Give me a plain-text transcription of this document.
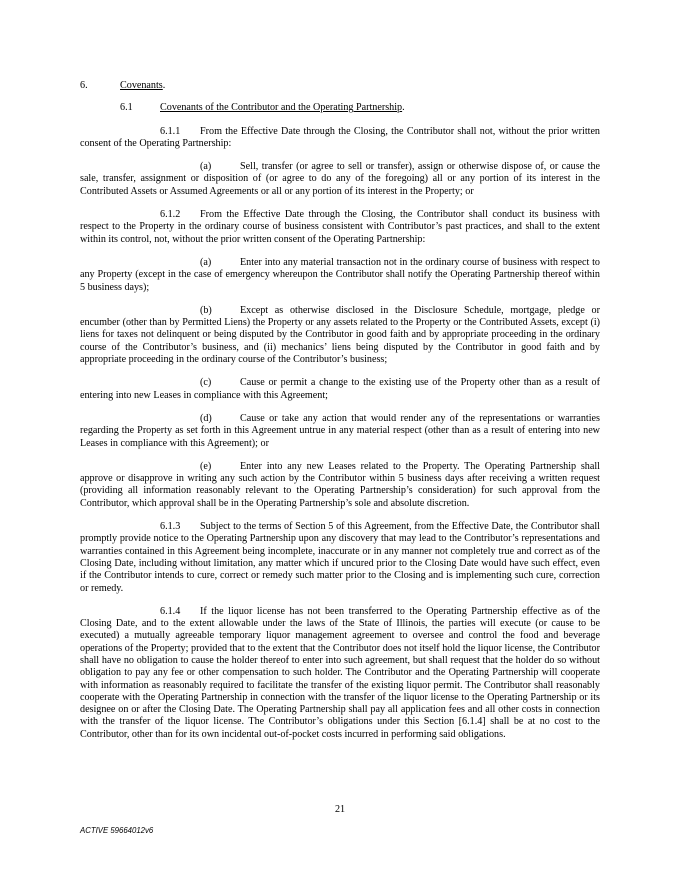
6.	Covenants.

6.1	Covenants of the Contributor and the Operating Partnership.

6.1.1 From the Effective Date through the Closing, the Contributor shall not, without the prior written consent of the Operating Partnership:

(a)	Sell, transfer (or agree to sell or transfer), assign or otherwise dispose of, or cause the sale, transfer, assignment or disposition of (or agree to do any of the foregoing) all or any portion of its interest in the Contributed Assets or Assumed Agreements or all or any portion of its interest in the Property; or

6.1.2 From the Effective Date through the Closing, the Contributor shall conduct its business with respect to the Property in the ordinary course of business consistent with Contributor’s past practices, and shall to the extent within its control, not, without the prior written consent of the Operating Partnership:

(a)	Enter into any material transaction not in the ordinary course of business with respect to any Property (except in the case of emergency whereupon the Contributor shall notify the Operating Partnership thereof within 5 business days);

(b)	Except as otherwise disclosed in the Disclosure Schedule, mortgage, pledge or encumber (other than by Permitted Liens) the Property or any assets related to the Property or the Contributed Assets, except (i) liens for taxes not delinquent or being disputed by the Contributor in good faith and by appropriate proceeding in the ordinary course of the Contributor’s business, and (ii) mechanics’ liens being disputed by the Contributor in good faith and by appropriate proceeding in the ordinary course of the Contributor’s business;

(c)	Cause or permit a change to the existing use of the Property other than as a result of entering into new Leases in compliance with this Agreement;

(d)	Cause or take any action that would render any of the representations or warranties regarding the Property as set forth in this Agreement untrue in any material respect (other than as a result of entering into new Leases in compliance with this Agreement); or

(e)	Enter into any new Leases related to the Property. The Operating Partnership shall approve or disapprove in writing any such action by the Contributor within 5 business days after receiving a written request (providing all information reasonably relevant to the Operating Partnership’s consideration) for such approval from the Contributor, which approval shall be in the Operating Partnership’s sole and absolute discretion.

6.1.3 Subject to the terms of Section 5 of this Agreement, from the Effective Date, the Contributor shall promptly provide notice to the Operating Partnership upon any discovery that may lead to the Contributor’s representations and warranties contained in this Agreement being incomplete, inaccurate or in any manner not completely true and correct as of the Closing Date, including without limitation, any matter which if uncured prior to the Closing Date would have such effect, even if the Contributor intends to cure, correct or remedy such matter prior to the Closing and is implementing such cure, correction or remedy.

6.1.4 If the liquor license has not been transferred to the Operating Partnership effective as of the Closing Date, and to the extent allowable under the laws of the State of Illinois, the parties will execute (or cause to be executed) a mutually agreeable temporary liquor management agreement to oversee and control the food and beverage operations of the Property; provided that to the extent that the Contributor does not itself hold the liquor license, the Contributor shall have no obligation to cause the holder thereof to enter into such agreement, but shall request that the holder do so without obligation to pay any fee or other compensation to such holder. The Contributor and the Operating Partnership will cooperate with information as reasonably required to facilitate the transfer of the existing liquor permit. The Contributor shall reasonably cooperate with the Operating Partnership in connection with the transfer of the liquor license to the Operating Partnership or its designee on or after the Closing Date. The Operating Partnership shall pay all application fees and all other costs in connection with the transfer of the liquor license. The Contributor’s obligations under this Section [6.1.4] shall be at no cost to the Contributor, other than for its own incidental out-of-pocket costs incurred in performing said obligations.

21
ACTIVE 59664012v6
